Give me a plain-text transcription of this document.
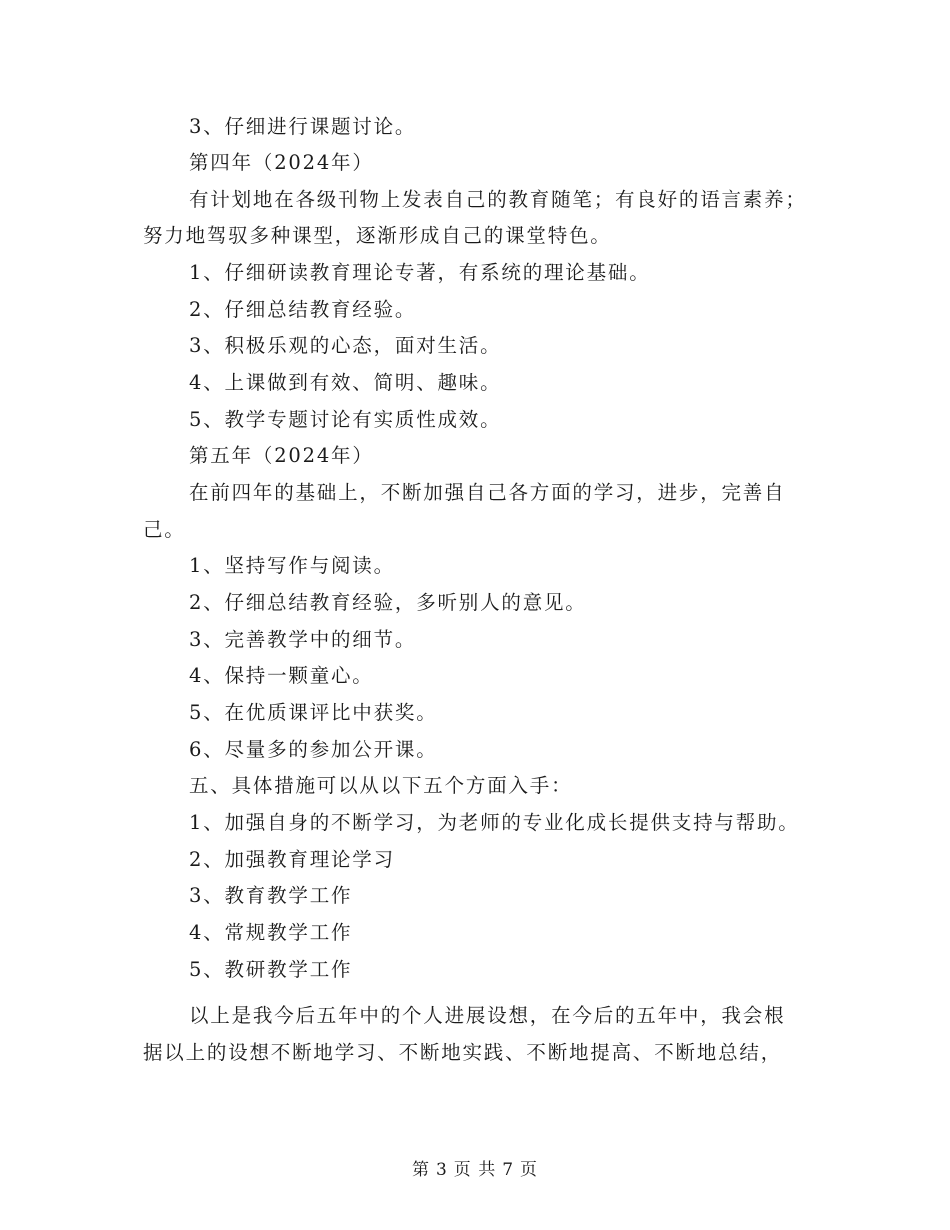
3、仔细进行课题讨论。
第四年（2024年）
有计划地在各级刊物上发表自己的教育随笔；有良好的语言素养；
努力地驾驭多种课型，逐渐形成自己的课堂特色。
1、仔细研读教育理论专著，有系统的理论基础。
2、仔细总结教育经验。
3、积极乐观的心态，面对生活。
4、上课做到有效、简明、趣味。
5、教学专题讨论有实质性成效。
第五年（2024年）
在前四年的基础上，不断加强自己各方面的学习，进步，完善自
己。
1、坚持写作与阅读。
2、仔细总结教育经验，多听别人的意见。
3、完善教学中的细节。
4、保持一颗童心。
5、在优质课评比中获奖。
6、尽量多的参加公开课。
五、具体措施可以从以下五个方面入手：
1、加强自身的不断学习，为老师的专业化成长提供支持与帮助。
2、加强教育理论学习
3、教育教学工作
4、常规教学工作
5、教研教学工作
以上是我今后五年中的个人进展设想，在今后的五年中，我会根
据以上的设想不断地学习、不断地实践、不断地提高、不断地总结，
第 3 页 共 7 页
